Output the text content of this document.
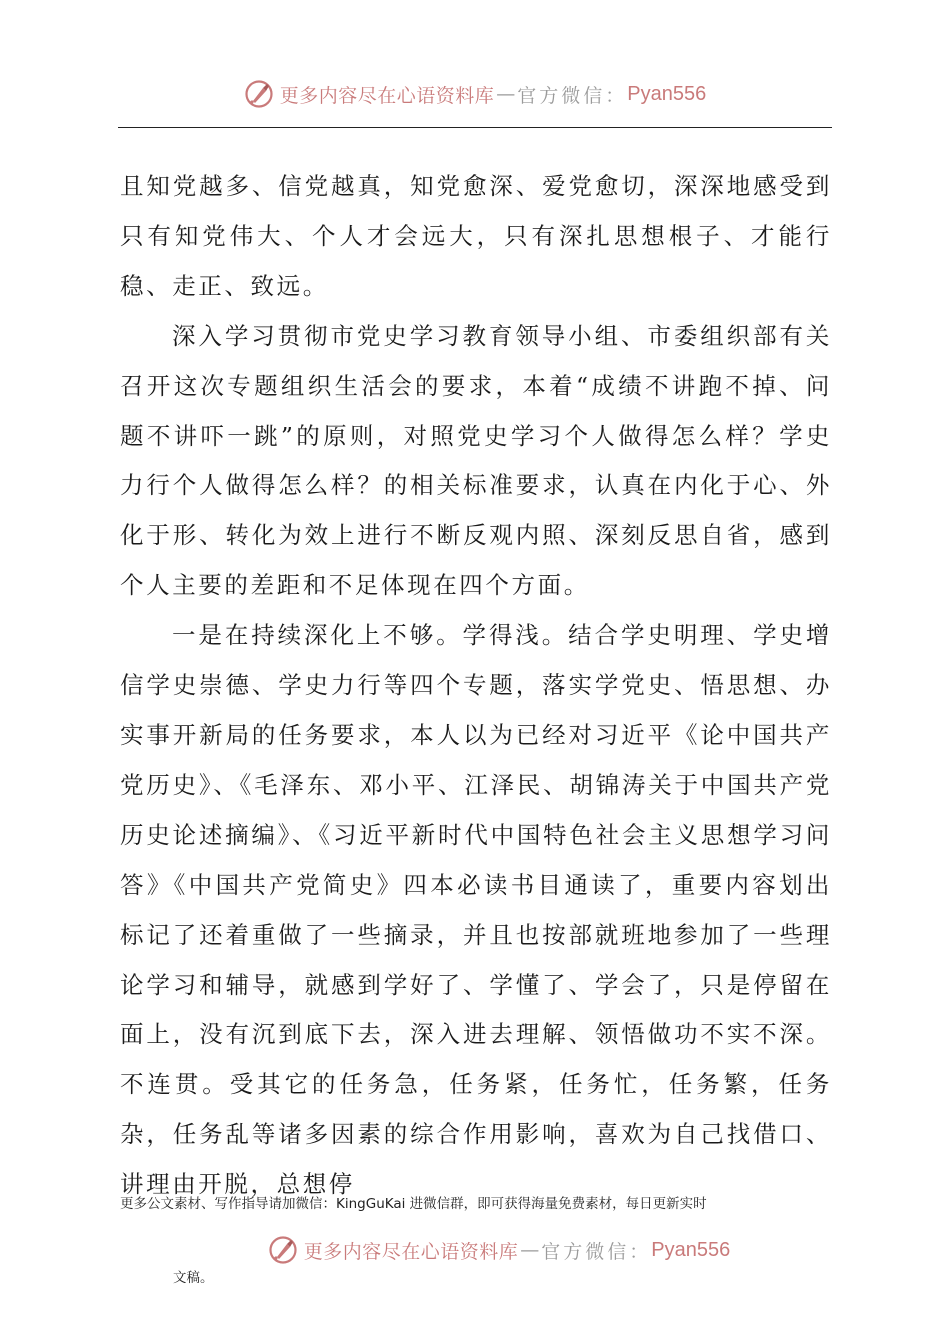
更多内容尽在心语资料库 — 官方微信： Pyan556

且知党越多、信党越真，知党愈深、爱党愈切，深深地感受到只有知党伟大、个人才会远大，只有深扎思想根子、才能行稳、走正、致远。

深入学习贯彻市党史学习教育领导小组、市委组织部有关召开这次专题组织生活会的要求，本着“成绩不讲跑不掉、问题不讲吓一跳”的原则，对照党史学习个人做得怎么样？学史力行个人做得怎么样？的相关标准要求，认真在内化于心、外化于形、转化为效上进行不断反观内照、深刻反思自省，感到个人主要的差距和不足体现在四个方面。

一是在持续深化上不够。学得浅。结合学史明理、学史增信学史崇德、学史力行等四个专题，落实学党史、悟思想、办实事开新局的任务要求，本人以为已经对习近平《论中国共产党历史》、《毛泽东、邓小平、江泽民、胡锦涛关于中国共产党历史论述摘编》、《习近平新时代中国特色社会主义思想学习问答》《中国共产党简史》四本必读书目通读了，重要内容划出标记了还着重做了一些摘录，并且也按部就班地参加了一些理论学习和辅导，就感到学好了、学懂了、学会了，只是停留在面上，没有沉到底下去，深入进去理解、领悟做功不实不深。不连贯。受其它的任务急，任务紧，任务忙，任务繁，任务杂，任务乱等诸多因素的综合作用影响，喜欢为自己找借口、讲理由开脱，总想停

更多公文素材、写作指导请加微信：KingGuKai 进微信群，即可获得海量免费素材，每日更新实时
更多内容尽在心语资料库 — 官方微信： Pyan556
文稿。
